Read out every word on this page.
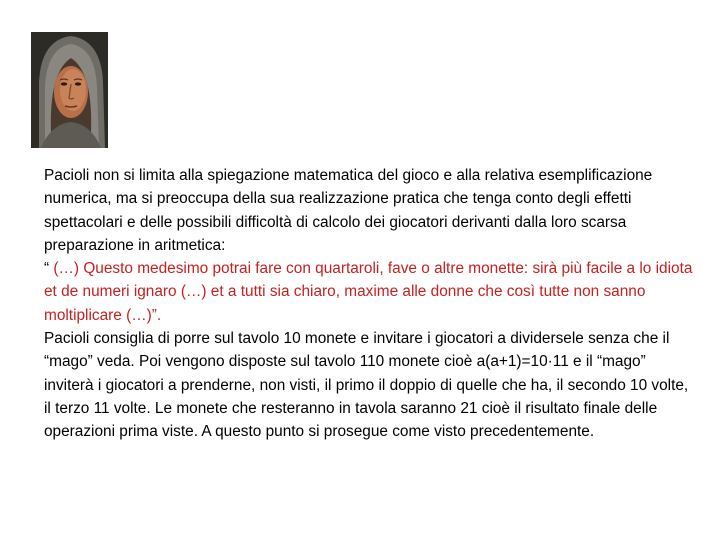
Pacioli non si limita alla spiegazione matematica del gioco e alla relativa esemplificazione numerica, ma si preoccupa della sua realizzazione pratica che tenga conto degli effetti spettacolari e delle possibili difficoltà di calcolo dei giocatori derivanti dalla loro scarsa preparazione in aritmetica:

“ (…) Questo medesimo potrai fare con quartaroli, fave o altre monette: sirà più facile a lo idiota et de numeri ignaro (…) et a tutti sia chiaro, maxime alle donne che così tutte non sanno moltiplicare (…)”.

Pacioli consiglia di porre sul tavolo 10 monete e invitare i giocatori a dividersele senza che il “mago” veda. Poi vengono disposte sul tavolo 110 monete cioè a(a+1)=10·11 e il “mago” inviterà i giocatori a prenderne, non visti, il primo il doppio di quelle che ha, il secondo 10 volte, il terzo 11 volte. Le monete che resteranno in tavola saranno 21 cioè il risultato finale delle operazioni prima viste. A questo punto si prosegue come visto precedentemente.
